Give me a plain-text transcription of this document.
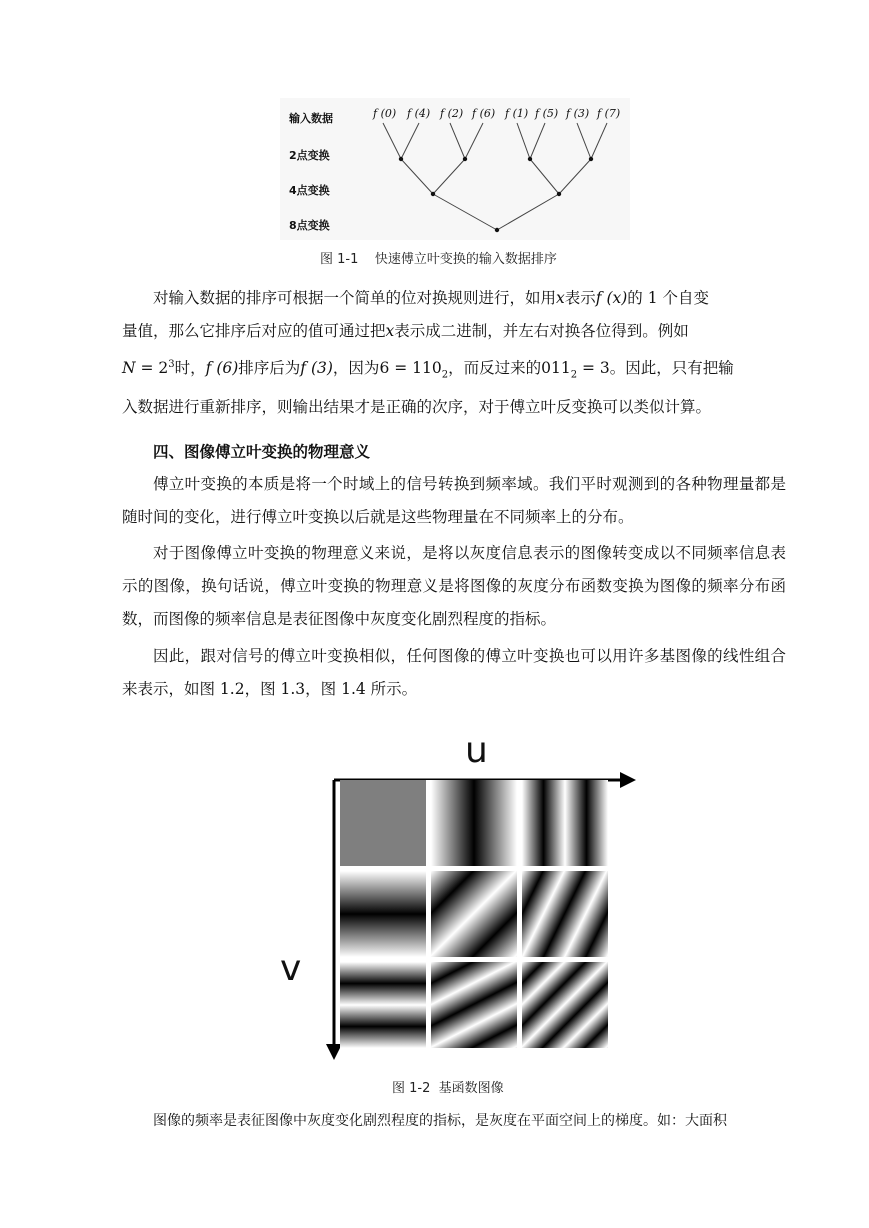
输入数据
2点变换
4点变换
8点变换
f (0) f (4) f (2) f (6) f (1) f (5) f (3) f (7)
图 1-1    快速傅立叶变换的输入数据排序

对输入数据的排序可根据一个简单的位对换规则进行，如用x表示f (x)的 1 个自变

量值，那么它排序后对应的值可通过把x表示成二进制，并左右对换各位得到。例如

$N = 2^3$时，f (6)排序后为f (3)，因为$6 = 110_2$，而反过来的$011_2 = 3$。因此，只有把输

入数据进行重新排序，则输出结果才是正确的次序，对于傅立叶反变换可以类似计算。

四、图像傅立叶变换的物理意义

傅立叶变换的本质是将一个时域上的信号转换到频率域。我们平时观测到的各种物理量都是随时间的变化，进行傅立叶变换以后就是这些物理量在不同频率上的分布。

对于图像傅立叶变换的物理意义来说，是将以灰度信息表示的图像转变成以不同频率信息表示的图像，换句话说，傅立叶变换的物理意义是将图像的灰度分布函数变换为图像的频率分布函数，而图像的频率信息是表征图像中灰度变化剧烈程度的指标。

因此，跟对信号的傅立叶变换相似，任何图像的傅立叶变换也可以用许多基图像的线性组合来表示，如图 1.2，图 1.3，图 1.4 所示。

u
v
图 1-2  基函数图像
图像的频率是表征图像中灰度变化剧烈程度的指标，是灰度在平面空间上的梯度。如：大面积
